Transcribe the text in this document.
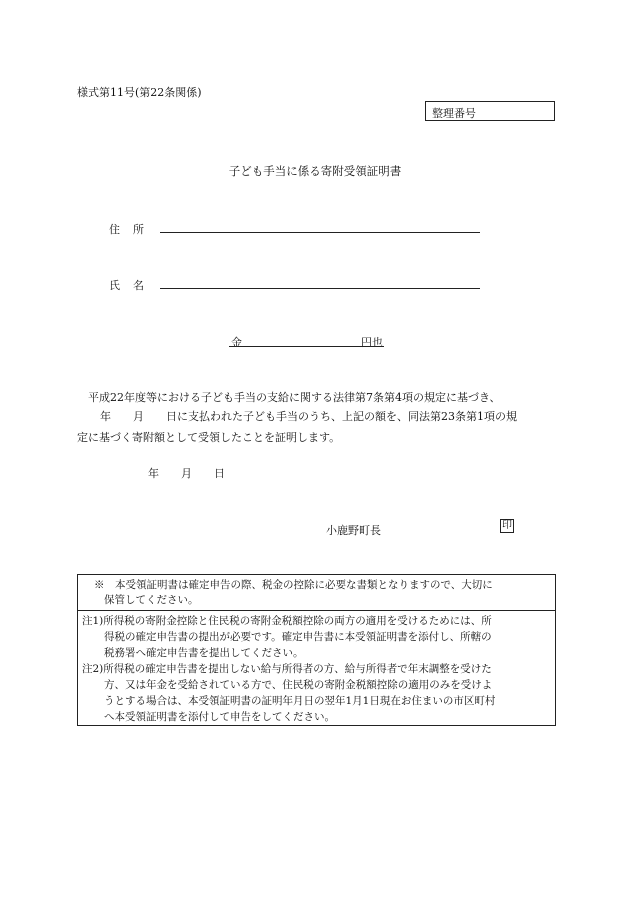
様式第11号(第22条関係)
整理番号
子ども手当に係る寄附受領証明書
住　所
氏　名
金	円也
平成22年度等における子ども手当の支給に関する法律第7条第4項の規定に基づき、
年　　月　　日に支払われた子ども手当のうち、上記の額を、同法第23条第1項の規
定に基づく寄附額として受領したことを証明します。
年　　月　　日
小鹿野町長	印
※　本受領証明書は確定申告の際、税金の控除に必要な書類となりますので、大切に
保管してください。
注1)所得税の寄附金控除と住民税の寄附金税額控除の両方の適用を受けるためには、所
得税の確定申告書の提出が必要です。確定申告書に本受領証明書を添付し、所轄の
税務署へ確定申告書を提出してください。
注2)所得税の確定申告書を提出しない給与所得者の方、給与所得者で年末調整を受けた
方、又は年金を受給されている方で、住民税の寄附金税額控除の適用のみを受けよ
うとする場合は、本受領証明書の証明年月日の翌年1月1日現在お住まいの市区町村
へ本受領証明書を添付して申告をしてください。
